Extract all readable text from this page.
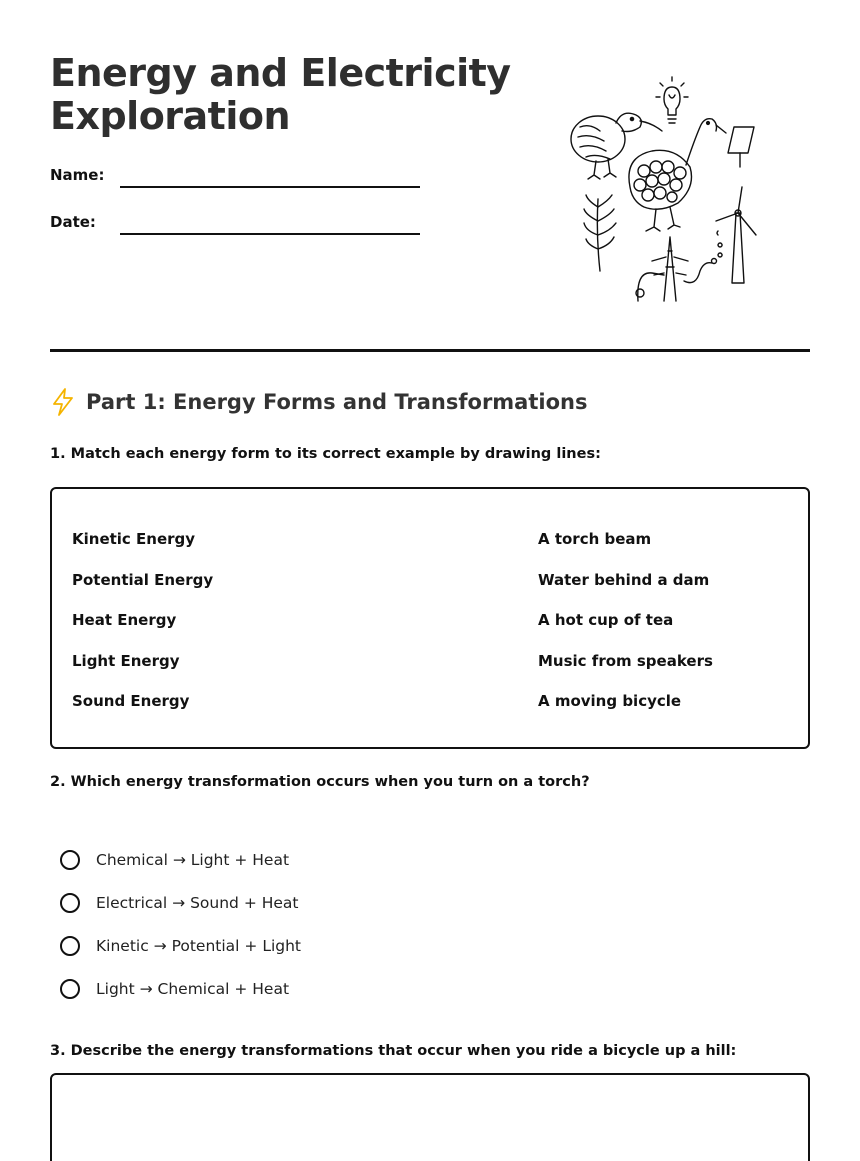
Energy and Electricity
Exploration
Name:
Date:
Part 1: Energy Forms and Transformations
1. Match each energy form to its correct example by drawing lines:
Kinetic Energy
Potential Energy
Heat Energy
Light Energy
Sound Energy
A torch beam
Water behind a dam
A hot cup of tea
Music from speakers
A moving bicycle
2. Which energy transformation occurs when you turn on a torch?
Chemical → Light + Heat
Electrical → Sound + Heat
Kinetic → Potential + Light
Light → Chemical + Heat
3. Describe the energy transformations that occur when you ride a bicycle up a hill:
